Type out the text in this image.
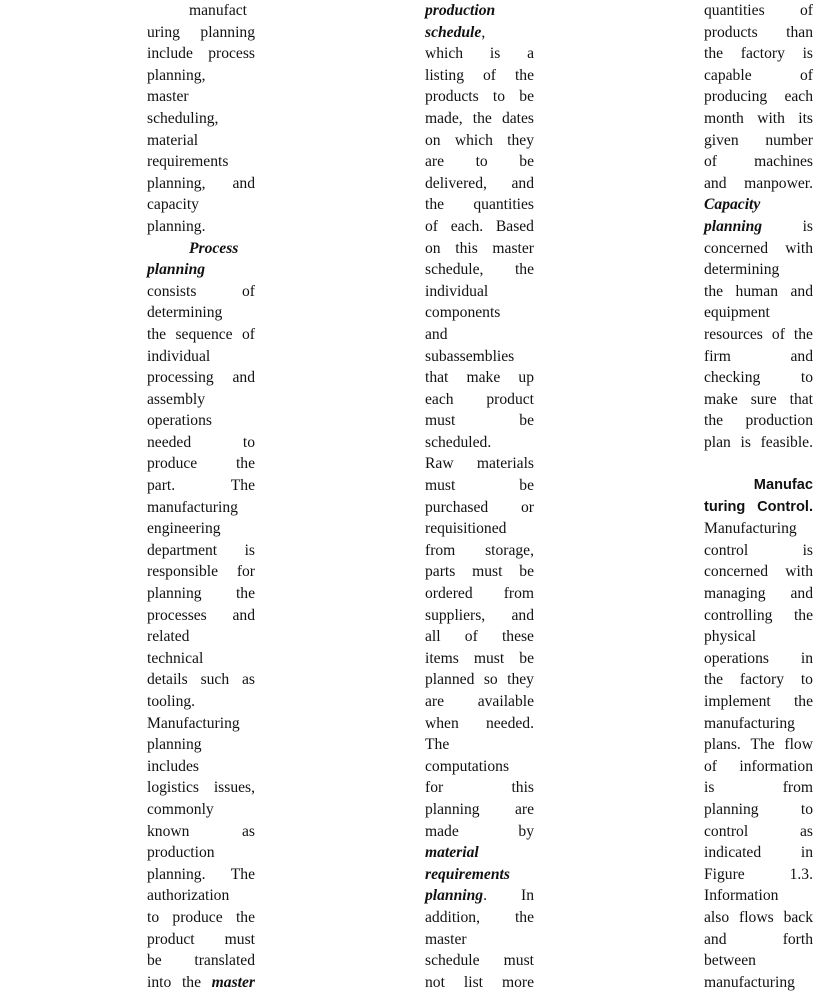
manufact
uring planning
include process
planning,
master
scheduling,
material
requirements
planning, and
capacity
planning.
Process
planning
consists	of
determining
the sequence of
individual
processing and
assembly
operations
needed	to
produce the
part.	The
manufacturing
engineering
department is
responsible for
planning the
processes and
related
technical
details such as
tooling.
Manufacturing
planning
includes
logistics issues,
commonly
known	as
production
planning. The
authorization
to produce the
product must
be translated
into the master
production
schedule,
which is a
listing of the
products to be
made, the dates
on which they
are to be
delivered, and
the quantities
of each. Based
on this master
schedule, the
individual
components
and
subassemblies
that make up
each product
must	be
scheduled.
Raw materials
must	be
purchased or
requisitioned
from storage,
parts must be
ordered from
suppliers, and
all of these
items must be
planned so they
are available
when needed.
The
computations
for	this
planning are
made	by
material
requirements
planning. In
addition, the
master
schedule must
not list more
quantities of
products than
the factory is
capable	of
producing each
month with its
given number
of machines
and manpower.
Capacity
planning	is
concerned with
determining
the human and
equipment
resources of the
firm	and
checking	to
make sure that
the production
plan is feasible.
Manufac
turing Control.
Manufacturing
control	is
concerned with
managing and
controlling the
physical
operations in
the factory to
implement the
manufacturing
plans. The flow
of information
is	from
planning	to
control	as
indicated	in
Figure	1.3.
Information
also flows back
and	forth
between
manufacturing
